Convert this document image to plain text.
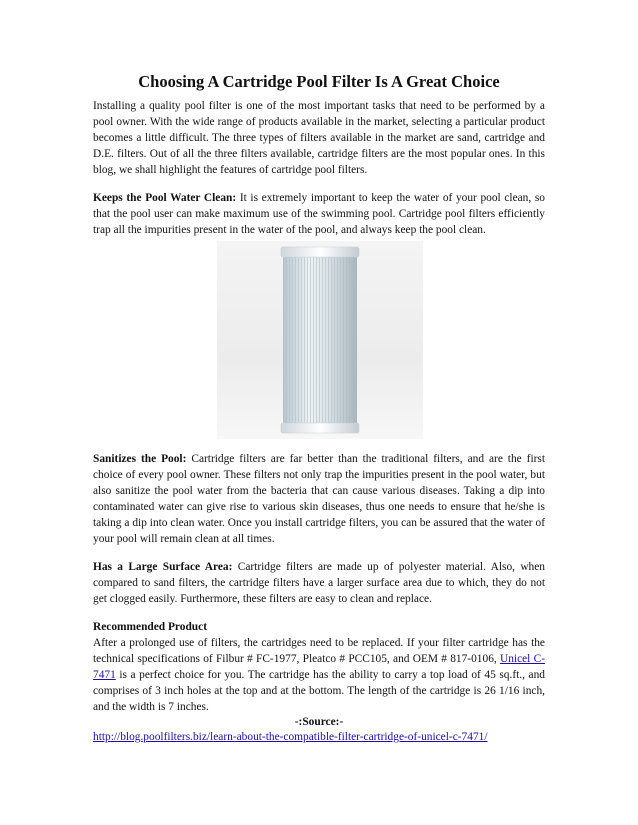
Choosing A Cartridge Pool Filter Is A Great Choice

Installing a quality pool filter is one of the most important tasks that need to be performed by a pool owner. With the wide range of products available in the market, selecting a particular product becomes a little difficult. The three types of filters available in the market are sand, cartridge and D.E. filters. Out of all the three filters available, cartridge filters are the most popular ones. In this blog, we shall highlight the features of cartridge pool filters.

Keeps the Pool Water Clean: It is extremely important to keep the water of your pool clean, so that the pool user can make maximum use of the swimming pool. Cartridge pool filters efficiently trap all the impurities present in the water of the pool, and always keep the pool clean.

Sanitizes the Pool: Cartridge filters are far better than the traditional filters, and are the first choice of every pool owner. These filters not only trap the impurities present in the pool water, but also sanitize the pool water from the bacteria that can cause various diseases. Taking a dip into contaminated water can give rise to various skin diseases, thus one needs to ensure that he/she is taking a dip into clean water. Once you install cartridge filters, you can be assured that the water of your pool will remain clean at all times.

Has a Large Surface Area: Cartridge filters are made up of polyester material. Also, when compared to sand filters, the cartridge filters have a larger surface area due to which, they do not get clogged easily. Furthermore, these filters are easy to clean and replace.

Recommended Product

After a prolonged use of filters, the cartridges need to be replaced. If your filter cartridge has the technical specifications of Filbur # FC-1977, Pleatco # PCC105, and OEM # 817-0106, Unicel C-7471 is a perfect choice for you. The cartridge has the ability to carry a top load of 45 sq.ft., and comprises of 3 inch holes at the top and at the bottom. The length of the cartridge is 26 1/16 inch, and the width is 7 inches.

-:Source:-
http://blog.poolfilters.biz/learn-about-the-compatible-filter-cartridge-of-unicel-c-7471/
